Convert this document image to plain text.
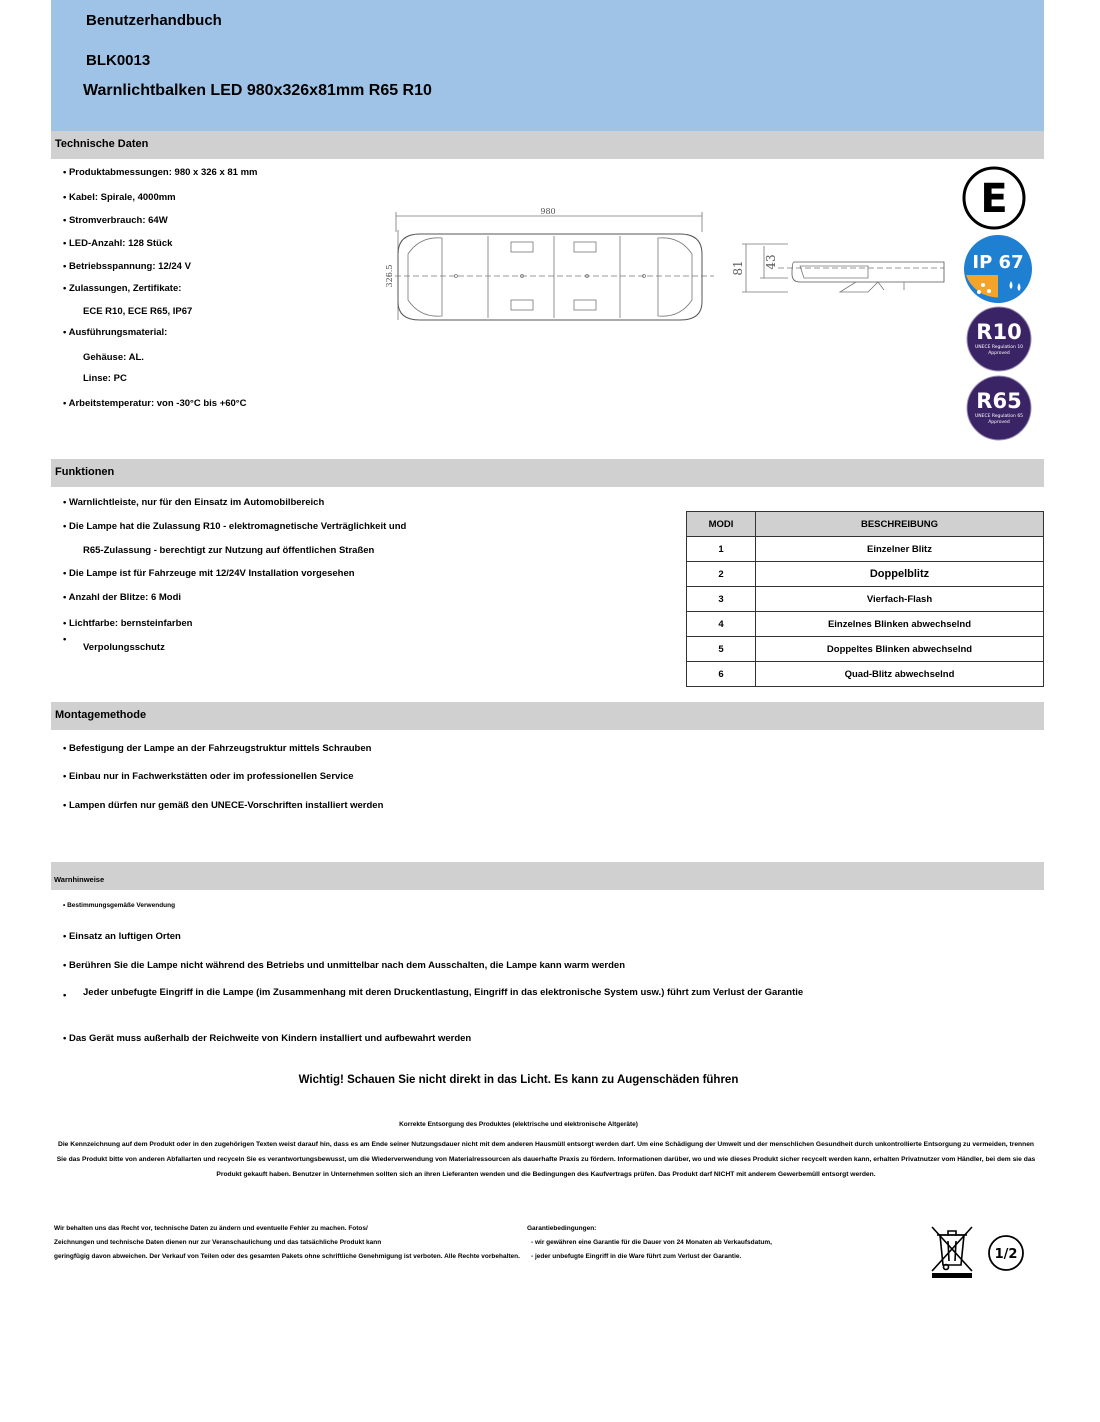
Benutzerhandbuch
BLK0013
Warnlichtbalken LED 980x326x81mm R65 R10
Technische Daten
• Produktabmessungen: 980 x 326 x 81 mm
• Kabel: Spirale, 4000mm
• Stromverbrauch: 64W
• LED-Anzahl: 128 Stück
• Betriebsspannung: 12/24 V
• Zulassungen, Zertifikate:
ECE R10, ECE R65, IP67
• Ausführungsmaterial:
Gehäuse: AL.
Linse: PC
• Arbeitstemperatur: von -30°C bis +60°C
980
326.5	81 43
E
IP 67
R10
UNECE Regulation 10
Approved
R65
UNECE Regulation 65
Approved
Funktionen
• Warnlichtleiste, nur für den Einsatz im Automobilbereich
• Die Lampe hat die Zulassung R10 - elektromagnetische Verträglichkeit und
R65-Zulassung - berechtigt zur Nutzung auf öffentlichen Straßen
• Die Lampe ist für Fahrzeuge mit 12/24V Installation vorgesehen
• Anzahl der Blitze: 6 Modi
• Lichtfarbe: bernsteinfarben
•
Verpolungsschutz
MODI	BESCHREIBUNG
1	Einzelner Blitz
2	Doppelblitz
3	Vierfach-Flash
4	Einzelnes Blinken abwechselnd
5	Doppeltes Blinken abwechselnd
6	Quad-Blitz abwechselnd
Montagemethode
• Befestigung der Lampe an der Fahrzeugstruktur mittels Schrauben
• Einbau nur in Fachwerkstätten oder im professionellen Service
• Lampen dürfen nur gemäß den UNECE-Vorschriften installiert werden
Warnhinweise
• Bestimmungsgemäße Verwendung
• Einsatz an luftigen Orten
• Berühren Sie die Lampe nicht während des Betriebs und unmittelbar nach dem Ausschalten, die Lampe kann warm werden
• Jeder unbefugte Eingriff in die Lampe (im Zusammenhang mit deren Druckentlastung, Eingriff in das elektronische System usw.) führt zum Verlust der Garantie
• Das Gerät muss außerhalb der Reichweite von Kindern installiert und aufbewahrt werden
Wichtig! Schauen Sie nicht direkt in das Licht. Es kann zu Augenschäden führen
Korrekte Entsorgung des Produktes (elektrische und elektronische Altgeräte)
Die Kennzeichnung auf dem Produkt oder in den zugehörigen Texten weist darauf hin, dass es am Ende seiner Nutzungsdauer nicht mit dem anderen Hausmüll entsorgt werden darf. Um eine Schädigung der Umwelt und der menschlichen Gesundheit durch unkontrollierte Entsorgung zu vermeiden, trennen Sie das Produkt bitte von anderen Abfallarten und recyceln Sie es verantwortungsbewusst, um die Wiederverwendung von Materialressourcen als dauerhafte Praxis zu fördern. Informationen darüber, wo und wie dieses Produkt sicher recycelt werden kann, erhalten Privatnutzer vom Händler, bei dem sie das Produkt gekauft haben. Benutzer in Unternehmen sollten sich an ihren Lieferanten wenden und die Bedingungen des Kaufvertrags prüfen. Das Produkt darf NICHT mit anderem Gewerbemüll entsorgt werden.
Wir behalten uns das Recht vor, technische Daten zu ändern und eventuelle Fehler zu machen. Fotos/
Zeichnungen und technische Daten dienen nur zur Veranschaulichung und das tatsächliche Produkt kann
geringfügig davon abweichen. Der Verkauf von Teilen oder des gesamten Pakets ohne schriftliche Genehmigung ist verboten. Alle Rechte vorbehalten.
Garantiebedingungen:
- wir gewähren eine Garantie für die Dauer von 24 Monaten ab Verkaufsdatum,
- jeder unbefugte Eingriff in die Ware führt zum Verlust der Garantie.	1/2
